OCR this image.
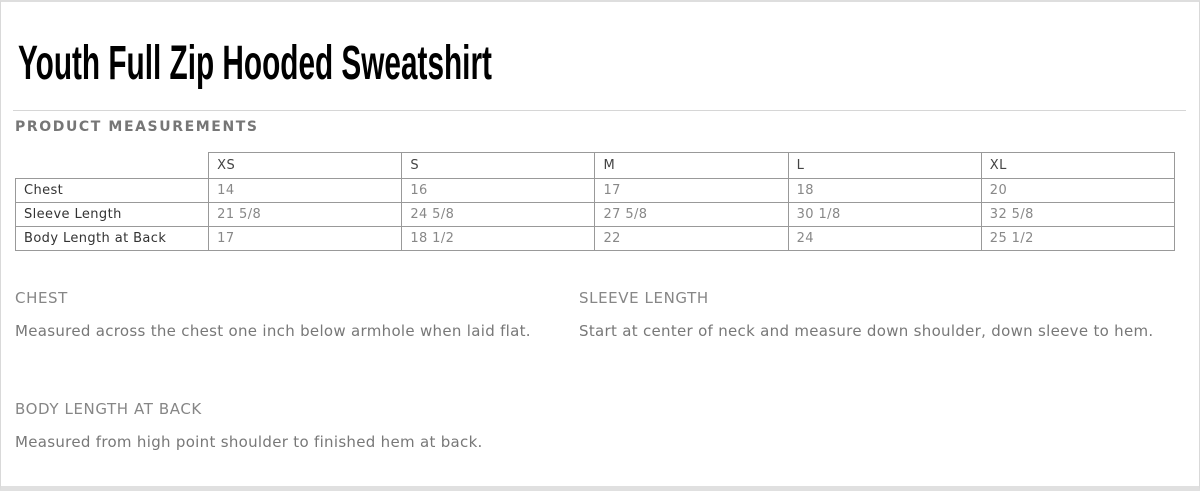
Youth Full Zip Hooded Sweatshirt
PRODUCT MEASUREMENTS
	XS	S	M	L	XL
Chest	14	16	17	18	20
Sleeve Length	21 5/8	24 5/8	27 5/8	30 1/8	32 5/8
Body Length at Back	17	18 1/2	22	24	25 1/2
CHEST
Measured across the chest one inch below armhole when laid flat.
SLEEVE LENGTH
Start at center of neck and measure down shoulder, down sleeve to hem.
BODY LENGTH AT BACK
Measured from high point shoulder to finished hem at back.
